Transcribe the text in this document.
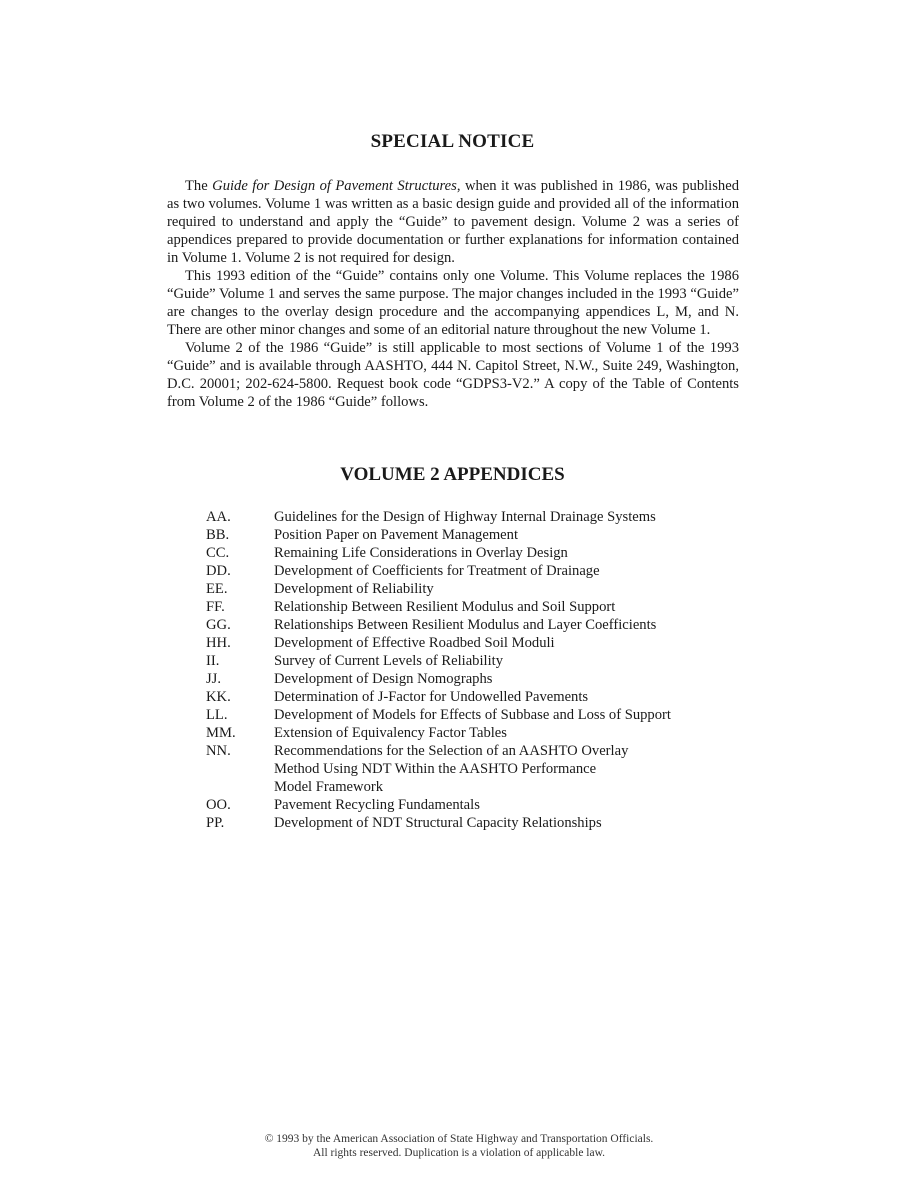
SPECIAL NOTICE

The Guide for Design of Pavement Structures, when it was published in 1986, was published as two volumes. Volume 1 was written as a basic design guide and provided all of the information required to understand and apply the “Guide” to pavement design. Volume 2 was a series of appendices prepared to provide documentation or further explanations for information contained in Volume 1. Volume 2 is not required for design.

This 1993 edition of the “Guide” contains only one Volume. This Volume replaces the 1986 “Guide” Volume 1 and serves the same purpose. The major changes included in the 1993 “Guide” are changes to the overlay design procedure and the accompanying appendices L, M, and N. There are other minor changes and some of an editorial nature throughout the new Volume 1.

Volume 2 of the 1986 “Guide” is still applicable to most sections of Volume 1 of the 1993 “Guide” and is available through AASHTO, 444 N. Capitol Street, N.W., Suite 249, Washington, D.C. 20001; 202-624-5800. Request book code “GDPS3-V2.” A copy of the Table of Contents from Volume 2 of the 1986 “Guide” follows.

VOLUME 2 APPENDICES
AA.	Guidelines for the Design of Highway Internal Drainage Systems
BB.	Position Paper on Pavement Management
CC.	Remaining Life Considerations in Overlay Design
DD.	Development of Coefficients for Treatment of Drainage
EE.	Development of Reliability
FF.	Relationship Between Resilient Modulus and Soil Support
GG.	Relationships Between Resilient Modulus and Layer Coefficients
HH.	Development of Effective Roadbed Soil Moduli
II.	Survey of Current Levels of Reliability
JJ.	Development of Design Nomographs
KK.	Determination of J-Factor for Undowelled Pavements
LL.	Development of Models for Effects of Subbase and Loss of Support
MM.	Extension of Equivalency Factor Tables
NN.	Recommendations for the Selection of an AASHTO Overlay
Method Using NDT Within the AASHTO Performance
Model Framework
OO.	Pavement Recycling Fundamentals
PP.	Development of NDT Structural Capacity Relationships
© 1993 by the American Association of State Highway and Transportation Officials.
All rights reserved. Duplication is a violation of applicable law.
